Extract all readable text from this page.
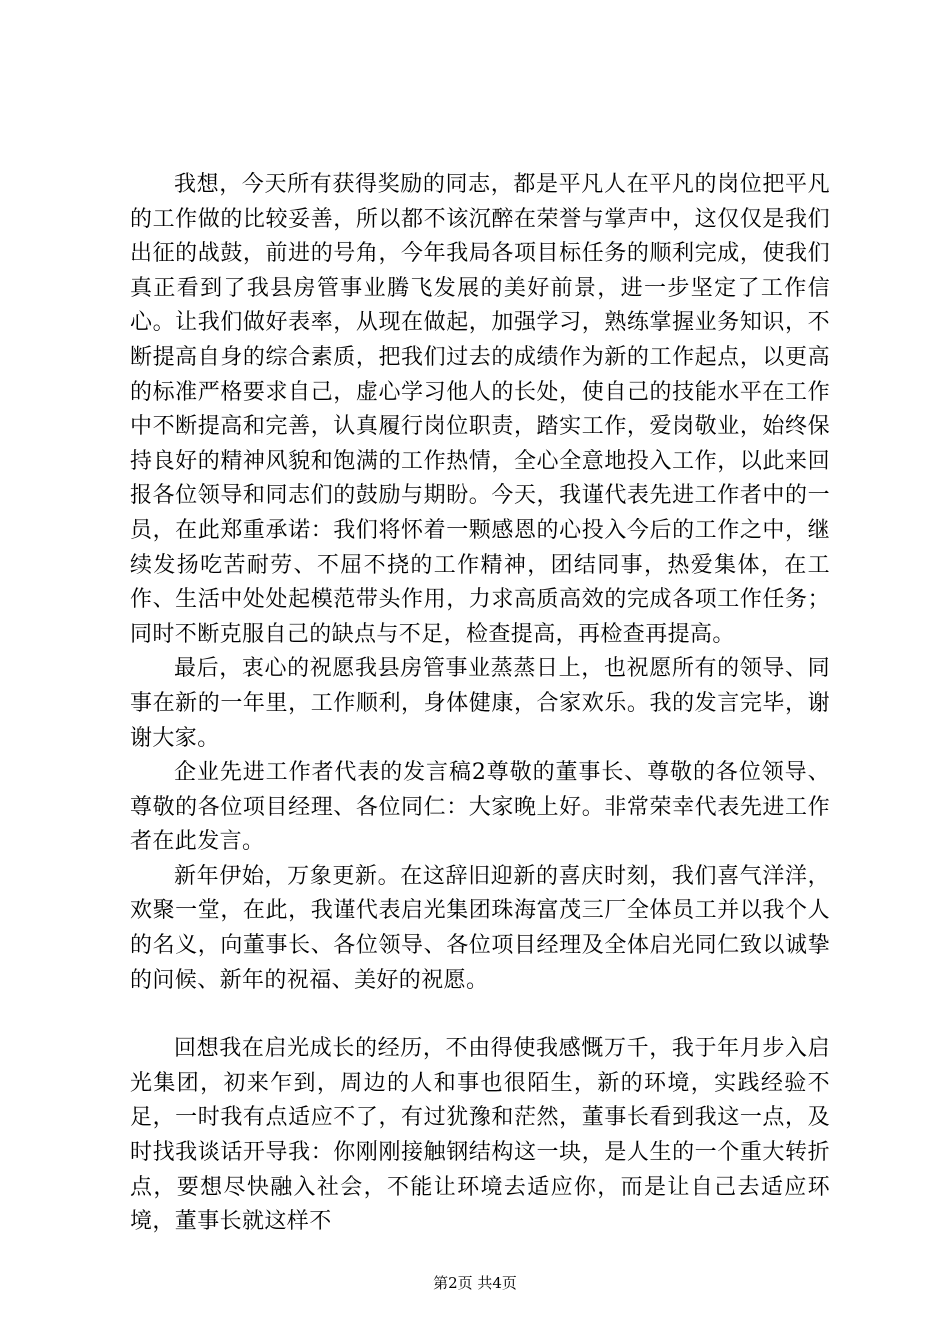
我想，今天所有获得奖励的同志，都是平凡人在平凡的岗位把平凡的工作做的比较妥善，所以都不该沉醉在荣誉与掌声中，这仅仅是我们出征的战鼓，前进的号角，今年我局各项目标任务的顺利完成，使我们真正看到了我县房管事业腾飞发展的美好前景，进一步坚定了工作信心。让我们做好表率，从现在做起，加强学习，熟练掌握业务知识，不断提高自身的综合素质，把我们过去的成绩作为新的工作起点，以更高的标准严格要求自己，虚心学习他人的长处，使自己的技能水平在工作中不断提高和完善，认真履行岗位职责，踏实工作，爱岗敬业，始终保持良好的精神风貌和饱满的工作热情，全心全意地投入工作，以此来回报各位领导和同志们的鼓励与期盼。今天，我谨代表先进工作者中的一员，在此郑重承诺：我们将怀着一颗感恩的心投入今后的工作之中，继续发扬吃苦耐劳、不屈不挠的工作精神，团结同事，热爱集体，在工作、生活中处处起模范带头作用，力求高质高效的完成各项工作任务；同时不断克服自己的缺点与不足，检查提高，再检查再提高。

最后，衷心的祝愿我县房管事业蒸蒸日上，也祝愿所有的领导、同事在新的一年里，工作顺利，身体健康，合家欢乐。我的发言完毕，谢谢大家。

企业先进工作者代表的发言稿2尊敬的董事长、尊敬的各位领导、尊敬的各位项目经理、各位同仁：大家晚上好。非常荣幸代表先进工作者在此发言。

新年伊始，万象更新。在这辞旧迎新的喜庆时刻，我们喜气洋洋，欢聚一堂，在此，我谨代表启光集团珠海富茂三厂全体员工并以我个人的名义，向董事长、各位领导、各位项目经理及全体启光同仁致以诚挚的问候、新年的祝福、美好的祝愿。

回想我在启光成长的经历，不由得使我感慨万千，我于年月步入启光集团，初来乍到，周边的人和事也很陌生，新的环境，实践经验不足，一时我有点适应不了，有过犹豫和茫然，董事长看到我这一点，及时找我谈话开导我：你刚刚接触钢结构这一块，是人生的一个重大转折点，要想尽快融入社会，不能让环境去适应你，而是让自己去适应环境，董事长就这样不

第2页 共4页
